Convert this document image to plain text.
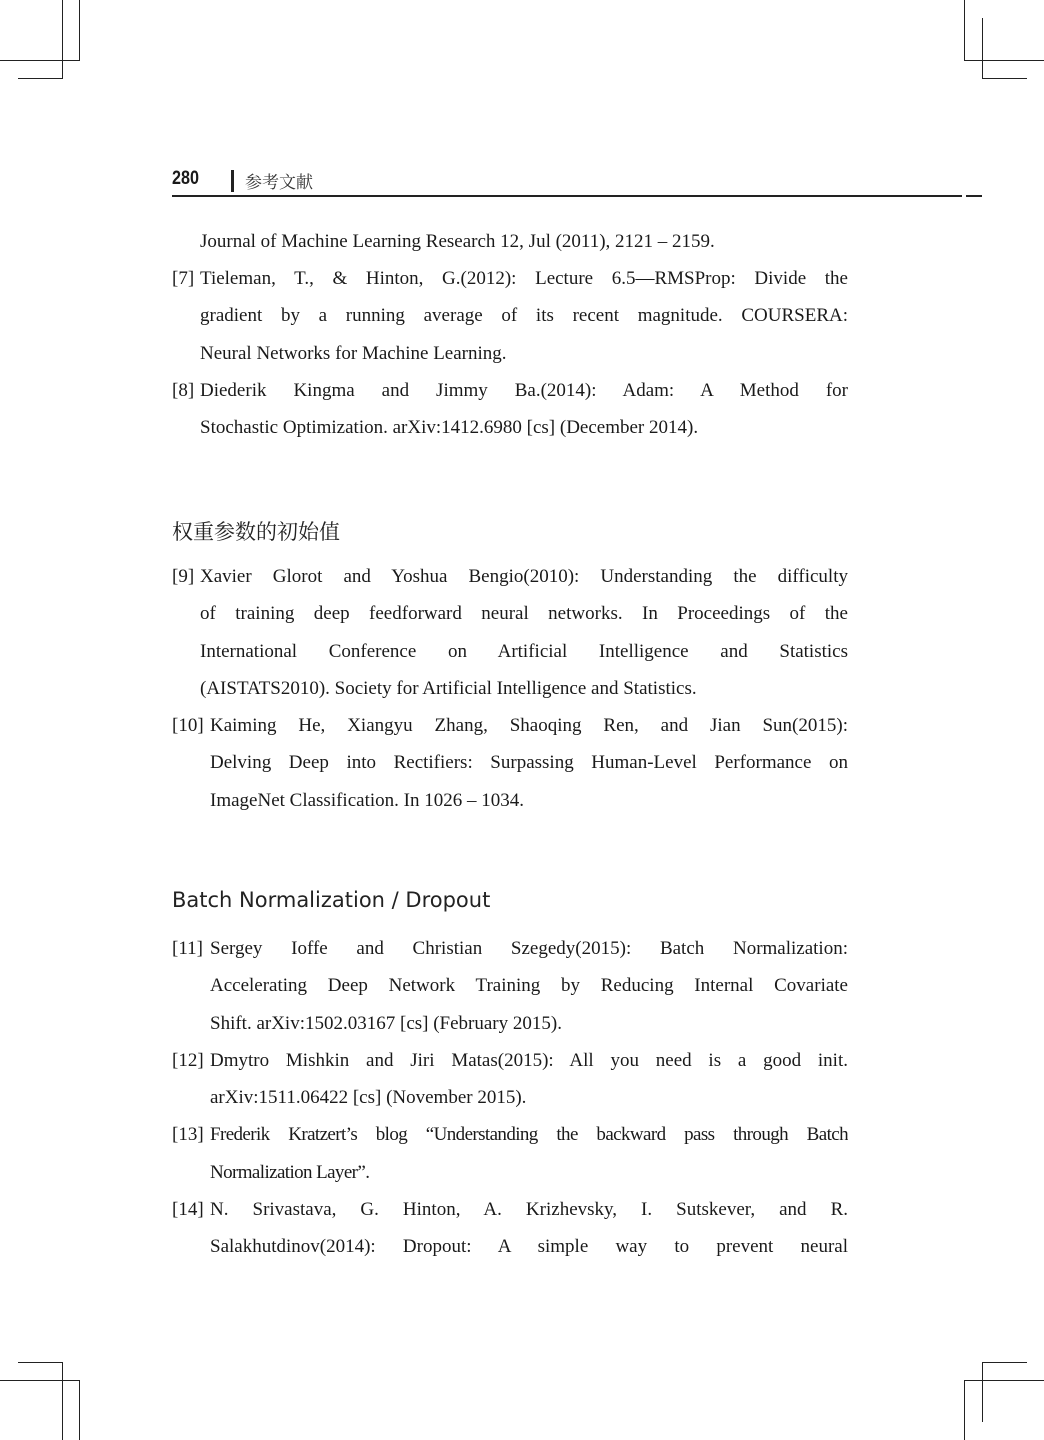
280	参考文献
Journal of Machine Learning Research 12, Jul (2011), 2121 – 2159.
[7] Tieleman, T., & Hinton, G.(2012): Lecture 6.5—RMSProp: Divide the
gradient by a running average of its recent magnitude. COURSERA:
Neural Networks for Machine Learning.
[8] Diederik Kingma and Jimmy Ba.(2014): Adam: A Method for
Stochastic Optimization. arXiv:1412.6980 [cs] (December 2014).
权重参数的初始值
[9] Xavier Glorot and Yoshua Bengio(2010): Understanding the difficulty
of training deep feedforward neural networks. In Proceedings of the
International Conference on Artificial Intelligence and Statistics
(AISTATS2010). Society for Artificial Intelligence and Statistics.
[10] Kaiming He, Xiangyu Zhang, Shaoqing Ren, and Jian Sun(2015):
Delving Deep into Rectifiers: Surpassing Human-Level Performance on
ImageNet Classification. In 1026 – 1034.
Batch Normalization / Dropout
[11] Sergey Ioffe and Christian Szegedy(2015): Batch Normalization:
Accelerating Deep Network Training by Reducing Internal Covariate
Shift. arXiv:1502.03167 [cs] (February 2015).
[12] Dmytro Mishkin and Jiri Matas(2015): All you need is a good init.
arXiv:1511.06422 [cs] (November 2015).
[13] Frederik Kratzert’s blog “Understanding the backward pass through Batch
Normalization Layer”.
[14] N. Srivastava, G. Hinton, A. Krizhevsky, I. Sutskever, and R.
Salakhutdinov(2014): Dropout: A simple way to prevent neural
